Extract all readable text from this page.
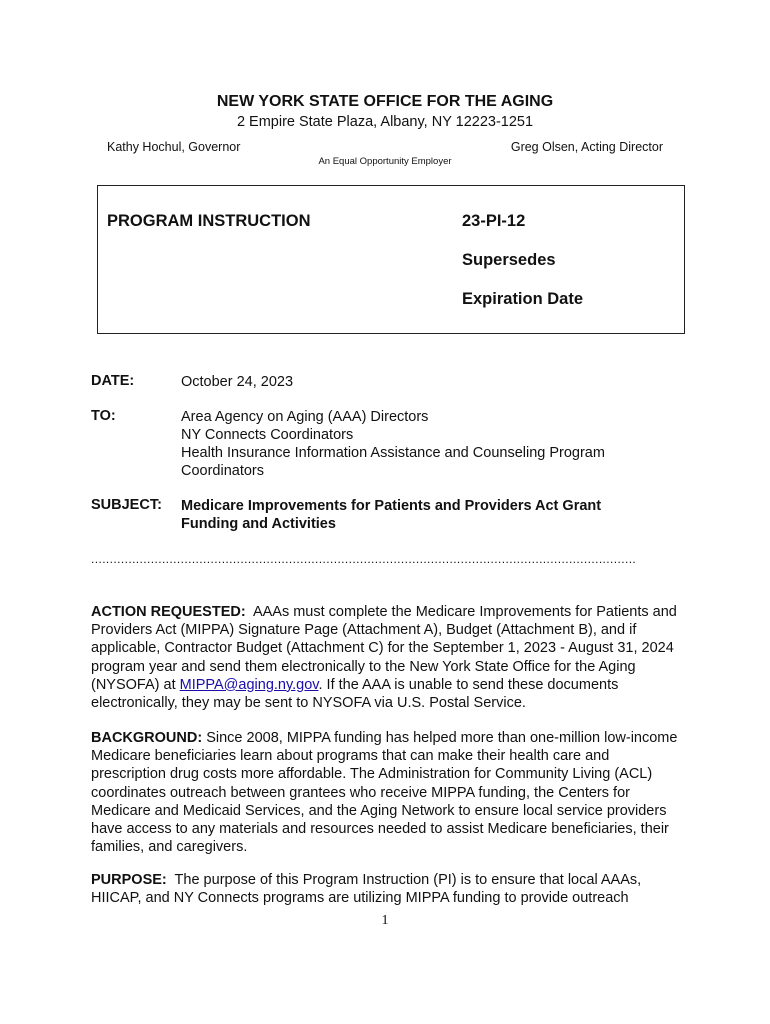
NEW YORK STATE OFFICE FOR THE AGING
2 Empire State Plaza, Albany, NY 12223-1251
Kathy Hochul, Governor	Greg Olsen, Acting Director
An Equal Opportunity Employer
PROGRAM INSTRUCTION	23-PI-12
Supersedes
Expiration Date
DATE:	October 24, 2023
TO:	Area Agency on Aging (AAA) Directors
NY Connects Coordinators
Health Insurance Information Assistance and Counseling Program
Coordinators
SUBJECT: Medicare Improvements for Patients and Providers Act Grant Funding and Activities
..................................................................................................................................................
ACTION REQUESTED: AAAs must complete the Medicare Improvements for Patients and Providers Act (MIPPA) Signature Page (Attachment A), Budget (Attachment B), and if applicable, Contractor Budget (Attachment C) for the September 1, 2023 - August 31, 2024 program year and send them electronically to the New York State Office for the Aging (NYSOFA) at MIPPA@aging.ny.gov. If the AAA is unable to send these documents electronically, they may be sent to NYSOFA via U.S. Postal Service.
BACKGROUND: Since 2008, MIPPA funding has helped more than one-million low-income Medicare beneficiaries learn about programs that can make their health care and prescription drug costs more affordable. The Administration for Community Living (ACL) coordinates outreach between grantees who receive MIPPA funding, the Centers for Medicare and Medicaid Services, and the Aging Network to ensure local service providers have access to any materials and resources needed to assist Medicare beneficiaries, their families, and caregivers.
PURPOSE: The purpose of this Program Instruction (PI) is to ensure that local AAAs, HIICAP, and NY Connects programs are utilizing MIPPA funding to provide outreach
1
